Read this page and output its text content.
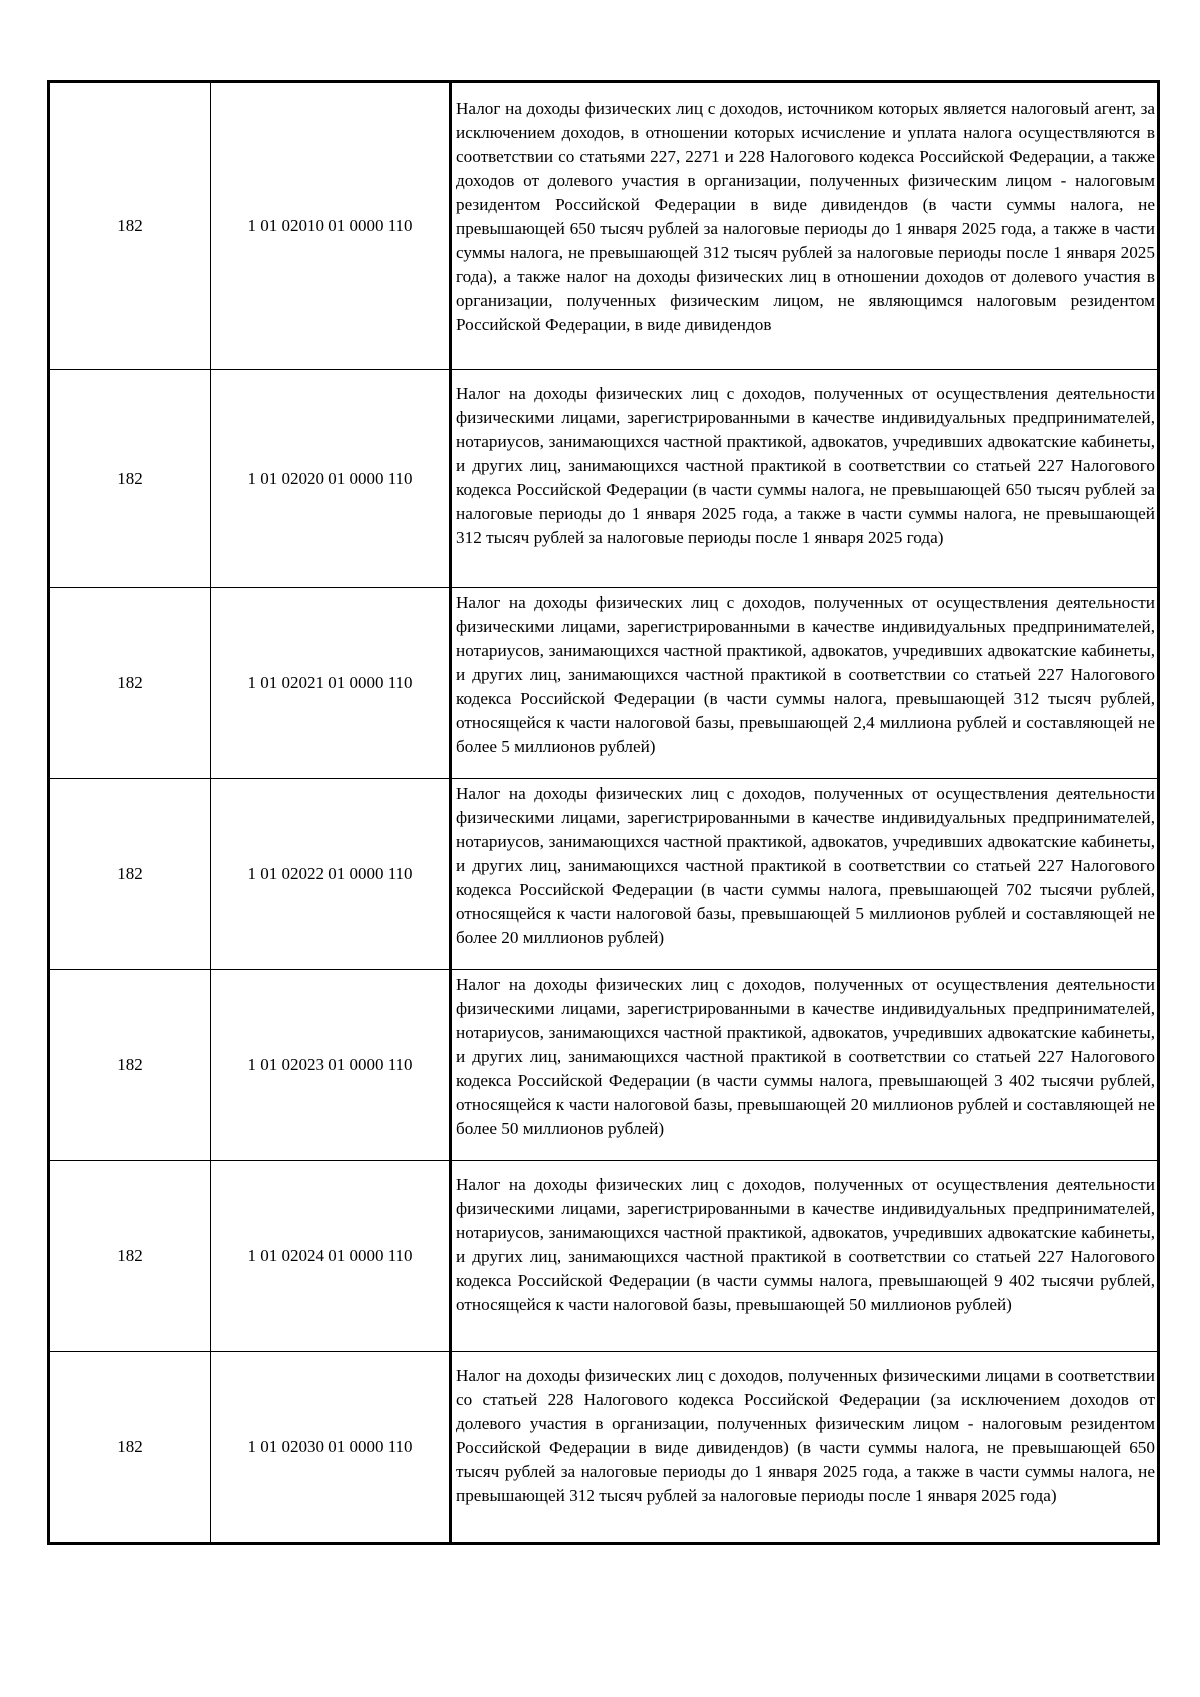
182	1 01 02010 01 0000 110	Налог на доходы физических лиц с доходов, источником которых является налоговый агент, за исключением доходов, в отношении которых исчисление и уплата налога осуществляются в соответствии со статьями 227, 2271 и 228 Налогового кодекса Российской Федерации, а также доходов от долевого участия в организации, полученных физическим лицом - налоговым резидентом Российской Федерации в виде дивидендов (в части суммы налога, не превышающей 650 тысяч рублей за налоговые периоды до 1 января 2025 года, а также в части суммы налога, не превышающей 312 тысяч рублей за налоговые периоды после 1 января 2025 года), а также налог на доходы физических лиц в отношении доходов от долевого участия в организации, полученных физическим лицом, не являющимся налоговым резидентом Российской Федерации, в виде дивидендов
182	1 01 02020 01 0000 110	Налог на доходы физических лиц с доходов, полученных от осуществления деятельности физическими лицами, зарегистрированными в качестве индивидуальных предпринимателей, нотариусов, занимающихся частной практикой, адвокатов, учредивших адвокатские кабинеты, и других лиц, занимающихся частной практикой в соответствии со статьей 227 Налогового кодекса Российской Федерации (в части суммы налога, не превышающей 650 тысяч рублей за налоговые периоды до 1 января 2025 года, а также в части суммы налога, не превышающей 312 тысяч рублей за налоговые периоды после 1 января 2025 года)
182	1 01 02021 01 0000 110	Налог на доходы физических лиц с доходов, полученных от осуществления деятельности физическими лицами, зарегистрированными в качестве индивидуальных предпринимателей, нотариусов, занимающихся частной практикой, адвокатов, учредивших адвокатские кабинеты, и других лиц, занимающихся частной практикой в соответствии со статьей 227 Налогового кодекса Российской Федерации (в части суммы налога, превышающей 312 тысяч рублей, относящейся к части налоговой базы, превышающей 2,4 миллиона рублей и составляющей не более 5 миллионов рублей)
182	1 01 02022 01 0000 110	Налог на доходы физических лиц с доходов, полученных от осуществления деятельности физическими лицами, зарегистрированными в качестве индивидуальных предпринимателей, нотариусов, занимающихся частной практикой, адвокатов, учредивших адвокатские кабинеты, и других лиц, занимающихся частной практикой в соответствии со статьей 227 Налогового кодекса Российской Федерации (в части суммы налога, превышающей 702 тысячи рублей, относящейся к части налоговой базы, превышающей 5 миллионов рублей и составляющей не более 20 миллионов рублей)
182	1 01 02023 01 0000 110	Налог на доходы физических лиц с доходов, полученных от осуществления деятельности физическими лицами, зарегистрированными в качестве индивидуальных предпринимателей, нотариусов, занимающихся частной практикой, адвокатов, учредивших адвокатские кабинеты, и других лиц, занимающихся частной практикой в соответствии со статьей 227 Налогового кодекса Российской Федерации (в части суммы налога, превышающей 3 402 тысячи рублей, относящейся к части налоговой базы, превышающей 20 миллионов рублей и составляющей не более 50 миллионов рублей)
182	1 01 02024 01 0000 110	Налог на доходы физических лиц с доходов, полученных от осуществления деятельности физическими лицами, зарегистрированными в качестве индивидуальных предпринимателей, нотариусов, занимающихся частной практикой, адвокатов, учредивших адвокатские кабинеты, и других лиц, занимающихся частной практикой в соответствии со статьей 227 Налогового кодекса Российской Федерации (в части суммы налога, превышающей 9 402 тысячи рублей, относящейся к части налоговой базы, превышающей 50 миллионов рублей)
182	1 01 02030 01 0000 110	Налог на доходы физических лиц с доходов, полученных физическими лицами в соответствии со статьей 228 Налогового кодекса Российской Федерации (за исключением доходов от долевого участия в организации, полученных физическим лицом - налоговым резидентом Российской Федерации в виде дивидендов) (в части суммы налога, не превышающей 650 тысяч рублей за налоговые периоды до 1 января 2025 года, а также в части суммы налога, не превышающей 312 тысяч рублей за налоговые периоды после 1 января 2025 года)
